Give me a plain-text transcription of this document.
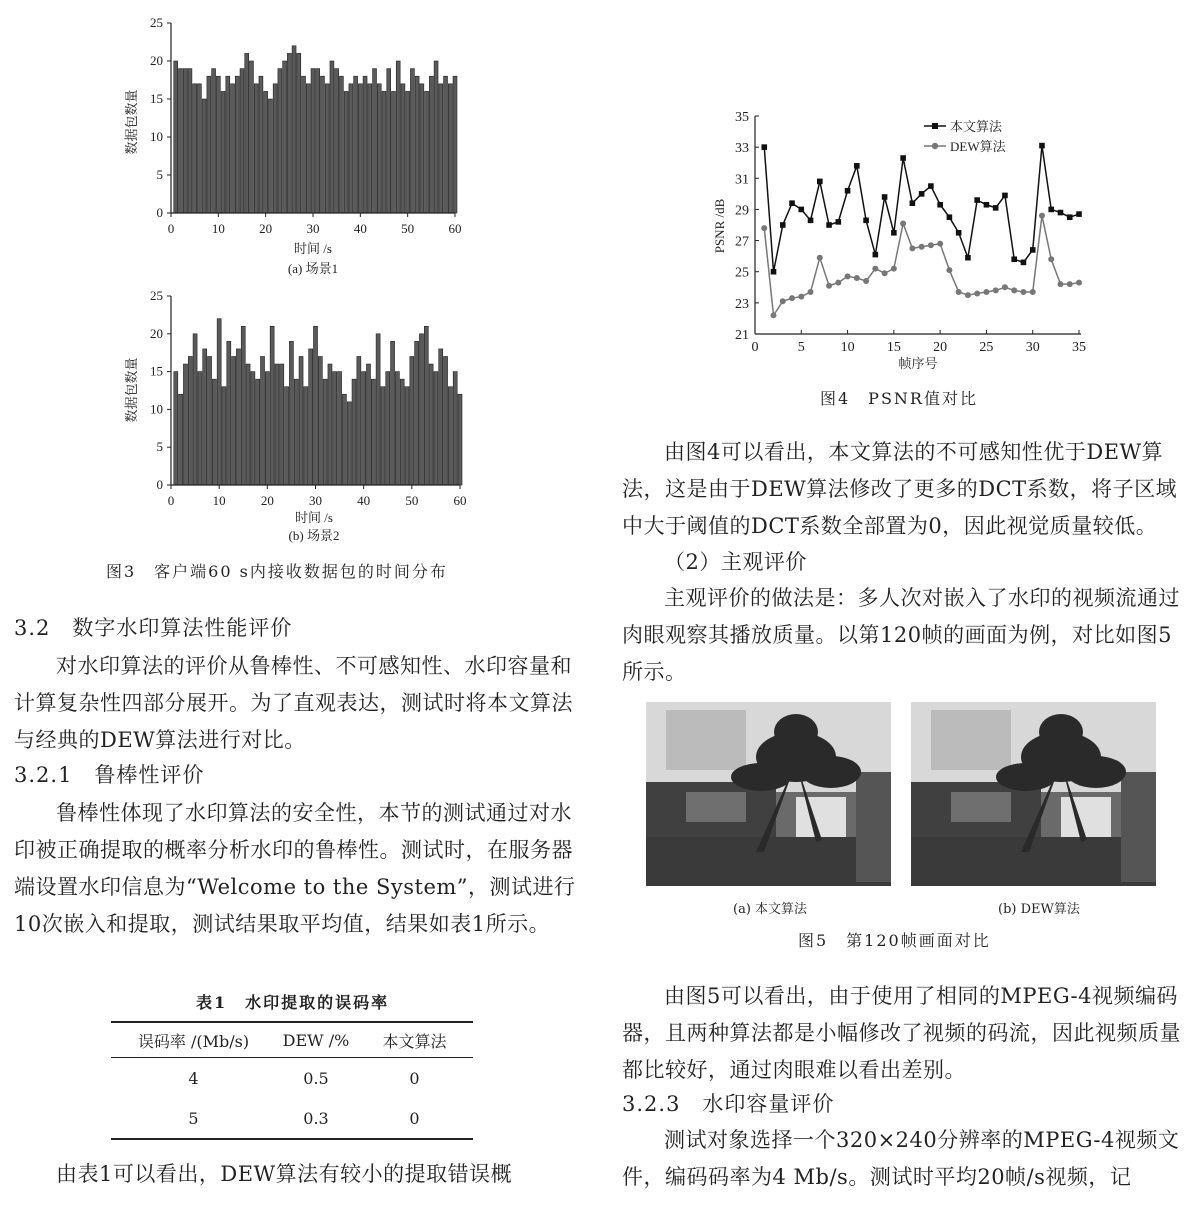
数据包数量
0
5
10
15
20
25
0	10	20	30	40	50	60
时间 /s
(a) 场景1
数据包数量
0
5
10
15
20
25
0	10	20	30	40	50	60
时间 /s
(b) 场景2
图3　客户端60 s内接收数据包的时间分布
3.2　数字水印算法性能评价
对水印算法的评价从鲁棒性、不可感知性、水印容量和计算复杂性四部分展开。为了直观表达，测试时将本文算法与经典的DEW算法进行对比。
3.2.1　鲁棒性评价
鲁棒性体现了水印算法的安全性，本节的测试通过对水印被正确提取的概率分析水印的鲁棒性。测试时，在服务器端设置水印信息为“Welcome to the System”，测试进行10次嵌入和提取，测试结果取平均值，结果如表1所示。
表1　水印提取的误码率
误码率 /(Mb/s)	DEW /%	本文算法
4	0.5	0
5	0.3	0
由表1可以看出，DEW算法有较小的提取错误概
PSNR /dB
21
23
25
27
29
31
33
35
0	5	10 15 20 25 30 35
本文算法
DEW算法
帧序号
图4　PSNR值对比
由图4可以看出，本文算法的不可感知性优于DEW算法，这是由于DEW算法修改了更多的DCT系数，将子区域中大于阈值的DCT系数全部置为0，因此视觉质量较低。
（2）主观评价
主观评价的做法是：多人次对嵌入了水印的视频流通过肉眼观察其播放质量。以第120帧的画面为例，对比如图5所示。
(a) 本文算法	(b) DEW算法
图5　第120帧画面对比
由图5可以看出，由于使用了相同的MPEG-4视频编码器，且两种算法都是小幅修改了视频的码流，因此视频质量都比较好，通过肉眼难以看出差别。
3.2.3　水印容量评价
测试对象选择一个320×240分辨率的MPEG-4视频文件，编码码率为4 Mb/s。测试时平均20帧/s视频，记
